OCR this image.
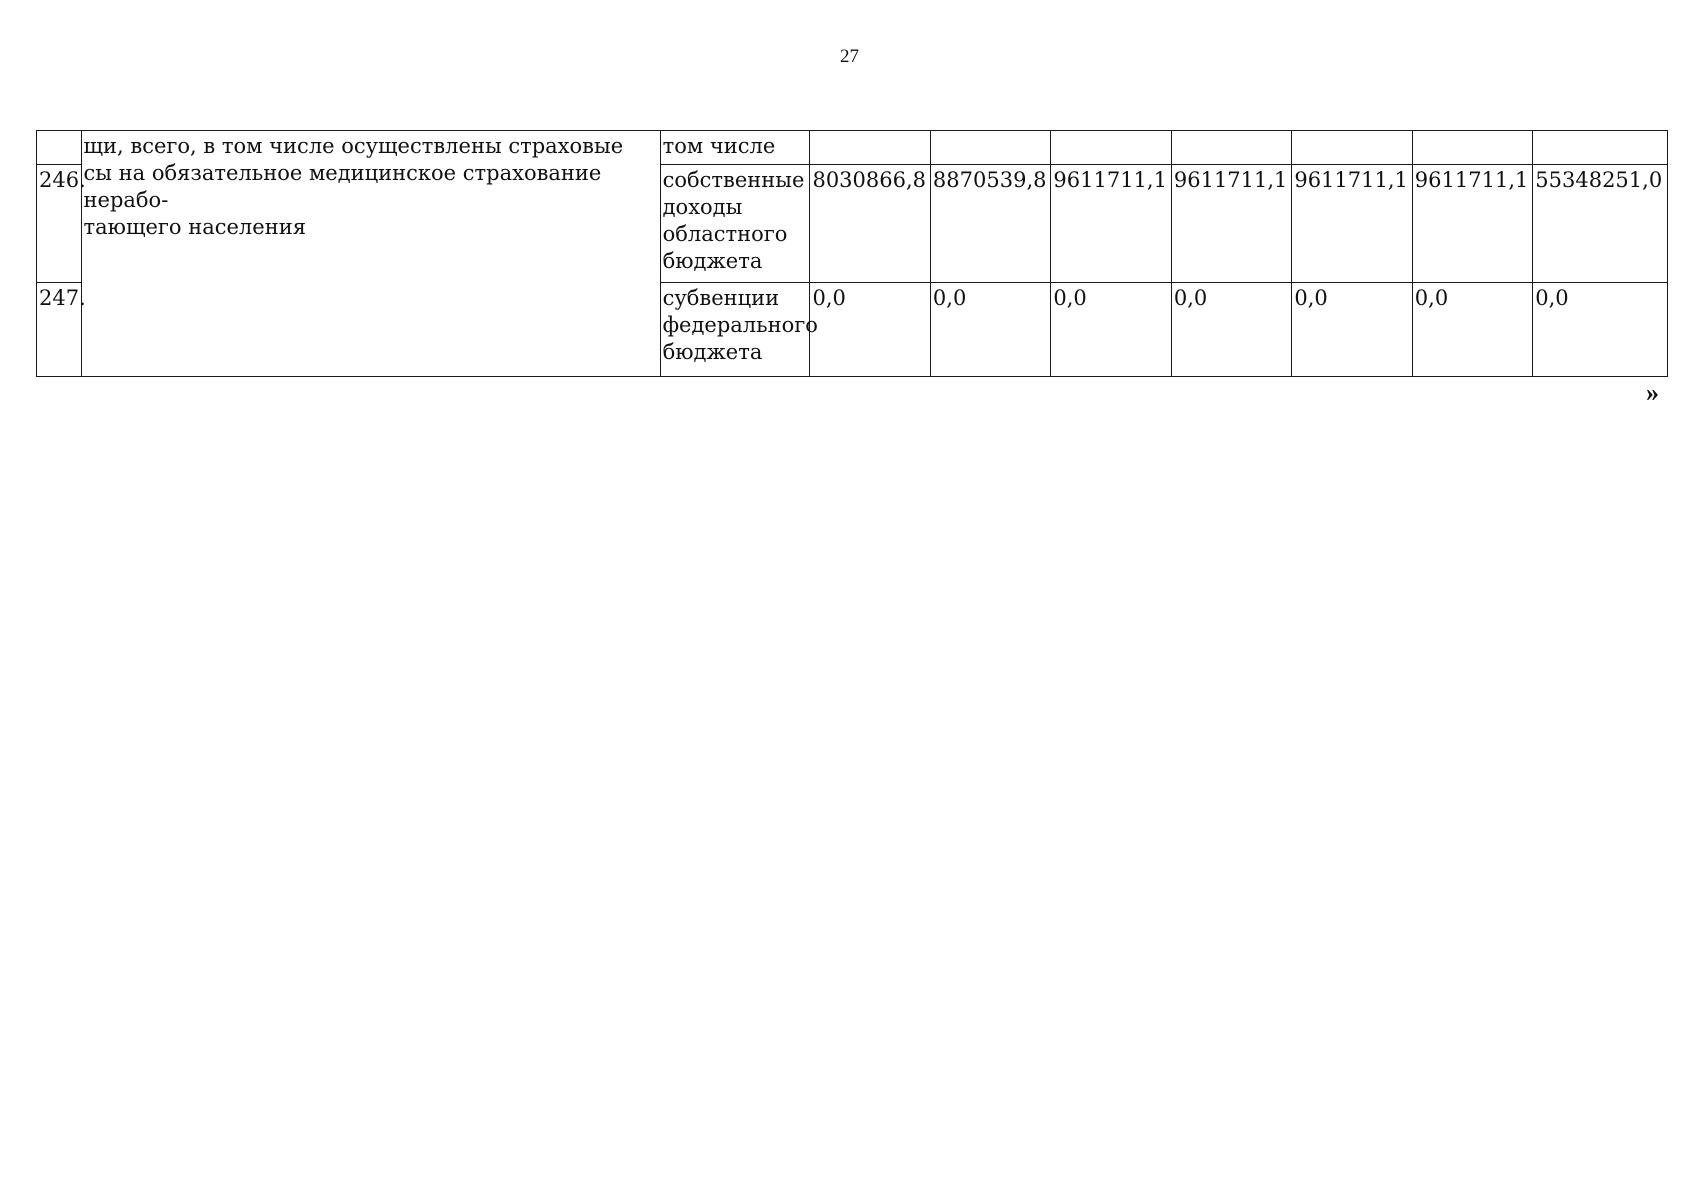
27

	щи, всего, в том числе осуществлены страховые
сы на обязательное медицинское страхование нерабо-
тающего населения	том числе							
246.		собственные
доходы
областного
бюджета	8030866,8	8870539,8	9611711,1	9611711,1	9611711,1	9611711,1	55348251,0
247.		субвенции
федерального
бюджета	0,0	0,0	0,0	0,0	0,0	0,0	0,0
»
